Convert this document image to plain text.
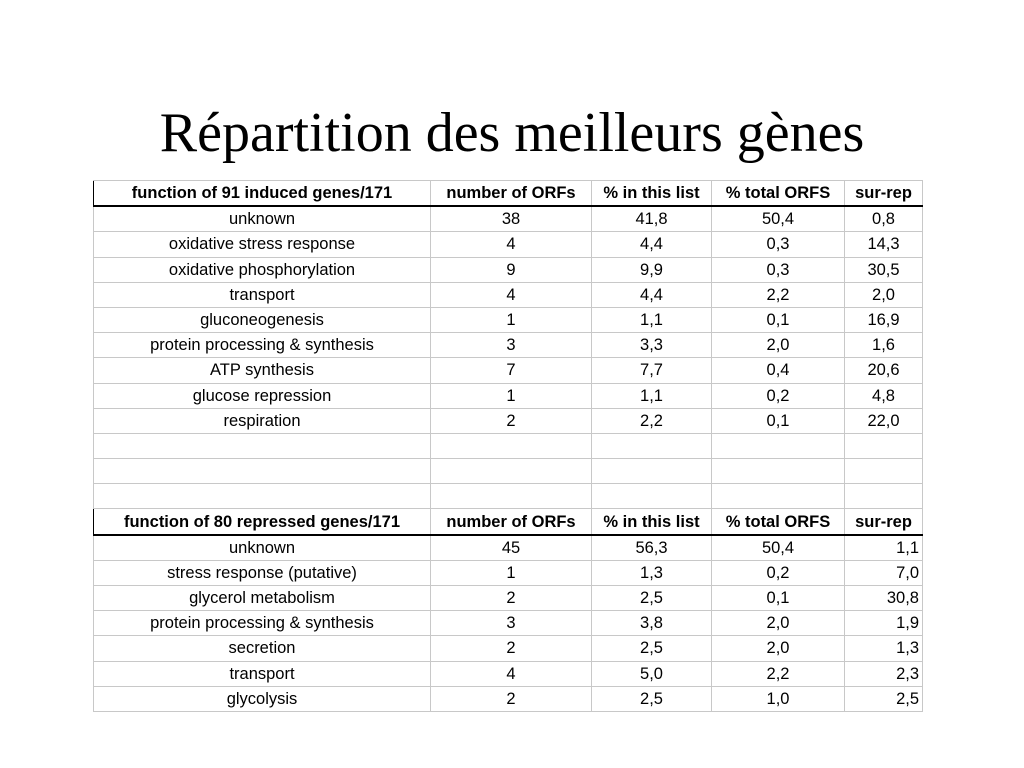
Répartition des meilleurs gènes
function of 91 induced genes/171	number of ORFs	% in this list	% total ORFS	sur-rep
unknown	38	41,8	50,4	0,8
oxidative stress response	4	4,4	0,3	14,3
oxidative phosphorylation	9	9,9	0,3	30,5
transport	4	4,4	2,2	2,0
gluconeogenesis	1	1,1	0,1	16,9
protein processing & synthesis	3	3,3	2,0	1,6
ATP synthesis	7	7,7	0,4	20,6
glucose repression	1	1,1	0,2	4,8
respiration	2	2,2	0,1	22,0

function of 80 repressed genes/171	number of ORFs	% in this list	% total ORFS	sur-rep
unknown	45	56,3	50,4	1,1
stress response (putative)	1	1,3	0,2	7,0
glycerol metabolism	2	2,5	0,1	30,8
protein processing & synthesis	3	3,8	2,0	1,9
secretion	2	2,5	2,0	1,3
transport	4	5,0	2,2	2,3
glycolysis	2	2,5	1,0	2,5
